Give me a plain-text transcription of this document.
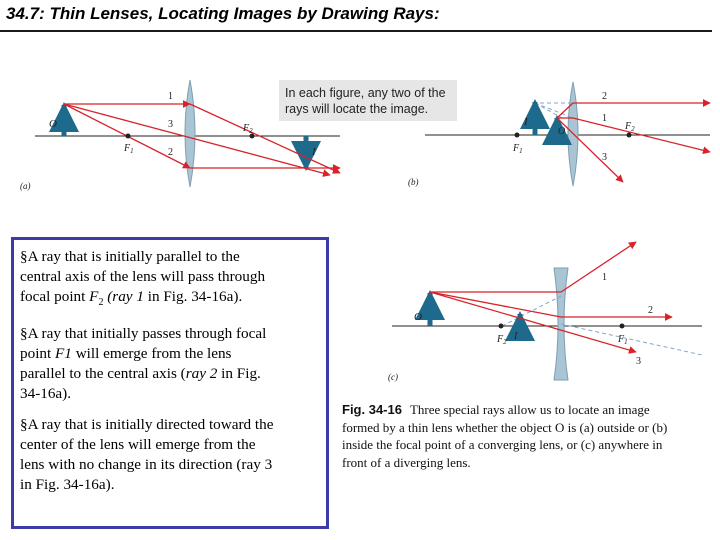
34.7: Thin Lenses, Locating Images by Drawing Rays:
O
I
$F_1$
$F_2$
1
3
2
(a)
In each figure, any two of the
rays will locate the image.
I
O
$F_1$
$F_2$
2
1
3
(b)
O
I
$F_2$	$F_1$
1
2
3
(c)

§A ray that is initially parallel to the
central axis of the lens will pass through
focal point $F_2$ (ray 1 in Fig. 34-16a).

§A ray that initially passes through focal
point F1 will emerge from the lens
parallel to the central axis (ray 2 in Fig.
34-16a).

§A ray that is initially directed toward the
center of the lens will emerge from the
lens with no change in its direction (ray 3
in Fig. 34-16a).

Fig. 34-16 Three special rays allow us to locate an image
formed by a thin lens whether the object O is (a) outside or (b)
inside the focal point of a converging lens, or (c) anywhere in
front of a diverging lens.
